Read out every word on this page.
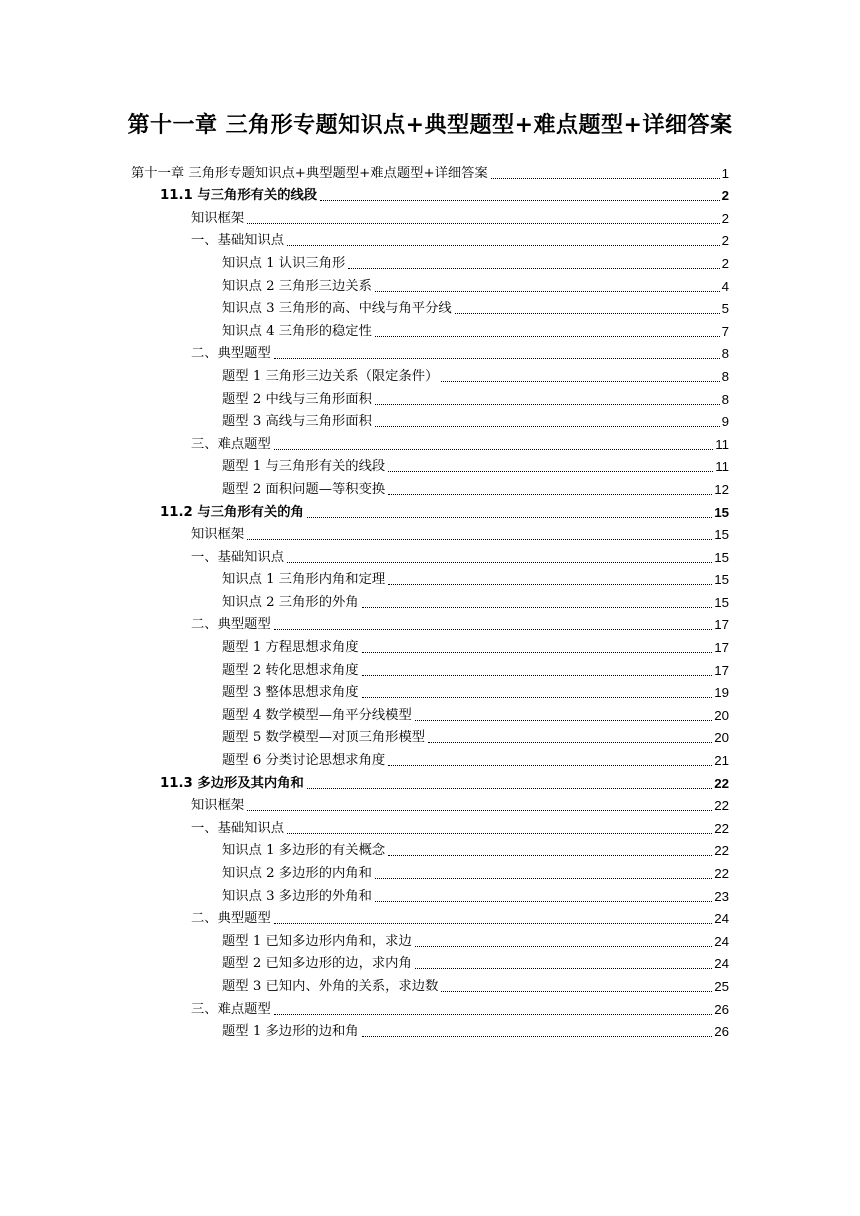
第十一章 三角形专题知识点+典型题型+难点题型+详细答案
第十一章 三角形专题知识点+典型题型+难点题型+详细答案	1
11.1 与三角形有关的线段	2
知识框架	2
一、基础知识点	2
知识点 1 认识三角形	2
知识点 2 三角形三边关系	4
知识点 3 三角形的高、中线与角平分线	5
知识点 4 三角形的稳定性	7
二、典型题型	8
题型 1 三角形三边关系（限定条件）	8
题型 2 中线与三角形面积	8
题型 3 高线与三角形面积	9
三、难点题型	11
题型 1 与三角形有关的线段	11
题型 2 面积问题—等积变换	12
11.2 与三角形有关的角	15
知识框架	15
一、基础知识点	15
知识点 1 三角形内角和定理	15
知识点 2 三角形的外角	15
二、典型题型	17
题型 1 方程思想求角度	17
题型 2 转化思想求角度	17
题型 3 整体思想求角度	19
题型 4 数学模型—角平分线模型	20
题型 5 数学模型—对顶三角形模型	20
题型 6 分类讨论思想求角度	21
11.3 多边形及其内角和	22
知识框架	22
一、基础知识点	22
知识点 1 多边形的有关概念	22
知识点 2 多边形的内角和	22
知识点 3 多边形的外角和	23
二、典型题型	24
题型 1 已知多边形内角和，求边	24
题型 2 已知多边形的边，求内角	24
题型 3 已知内、外角的关系，求边数	25
三、难点题型	26
题型 1 多边形的边和角	26
